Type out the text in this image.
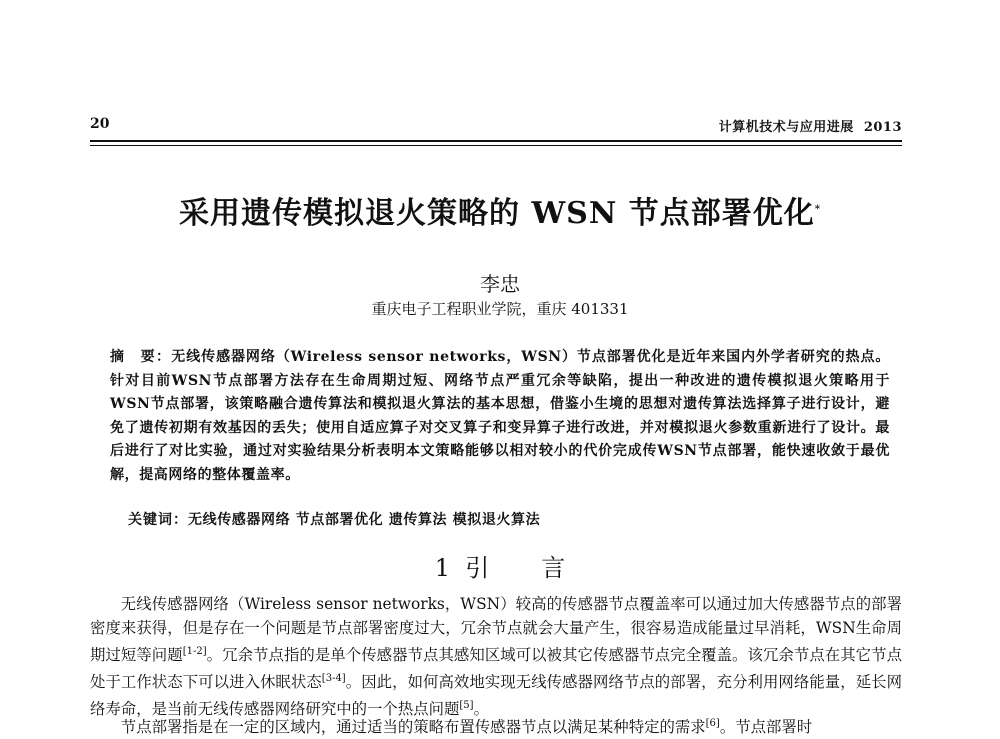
20	计算机技术与应用进展 2013
采用遗传模拟退火策略的 WSN 节点部署优化*
李忠
重庆电子工程职业学院，重庆 401331
摘　要：无线传感器网络（Wireless sensor networks，WSN）节点部署优化是近年来国内外学者研究的热点。针对目前WSN节点部署方法存在生命周期过短、网络节点严重冗余等缺陷，提出一种改进的遗传模拟退火策略用于WSN节点部署，该策略融合遗传算法和模拟退火算法的基本思想，借鉴小生境的思想对遗传算法选择算子进行设计，避免了遗传初期有效基因的丢失；使用自适应算子对交叉算子和变异算子进行改进，并对模拟退火参数重新进行了设计。最后进行了对比实验，通过对实验结果分析表明本文策略能够以相对较小的代价完成传WSN节点部署，能快速收敛于最优解，提高网络的整体覆盖率。
关键词：无线传感器网络 节点部署优化 遗传算法 模拟退火算法
1 引 言
无线传感器网络（Wireless sensor networks，WSN）较高的传感器节点覆盖率可以通过加大传感器节点的部署密度来获得，但是存在一个问题是节点部署密度过大，冗余节点就会大量产生，很容易造成能量过早消耗，WSN生命周期过短等问题[1-2]。冗余节点指的是单个传感器节点其感知区域可以被其它传感器节点完全覆盖。该冗余节点在其它节点处于工作状态下可以进入休眠状态[3-4]。因此，如何高效地实现无线传感器网络节点的部署，充分利用网络能量，延长网络寿命，是当前无线传感器网络研究中的一个热点问题[5]。
节点部署指是在一定的区域内，通过适当的策略布置传感器节点以满足某种特定的需求[6]。节点部署时
